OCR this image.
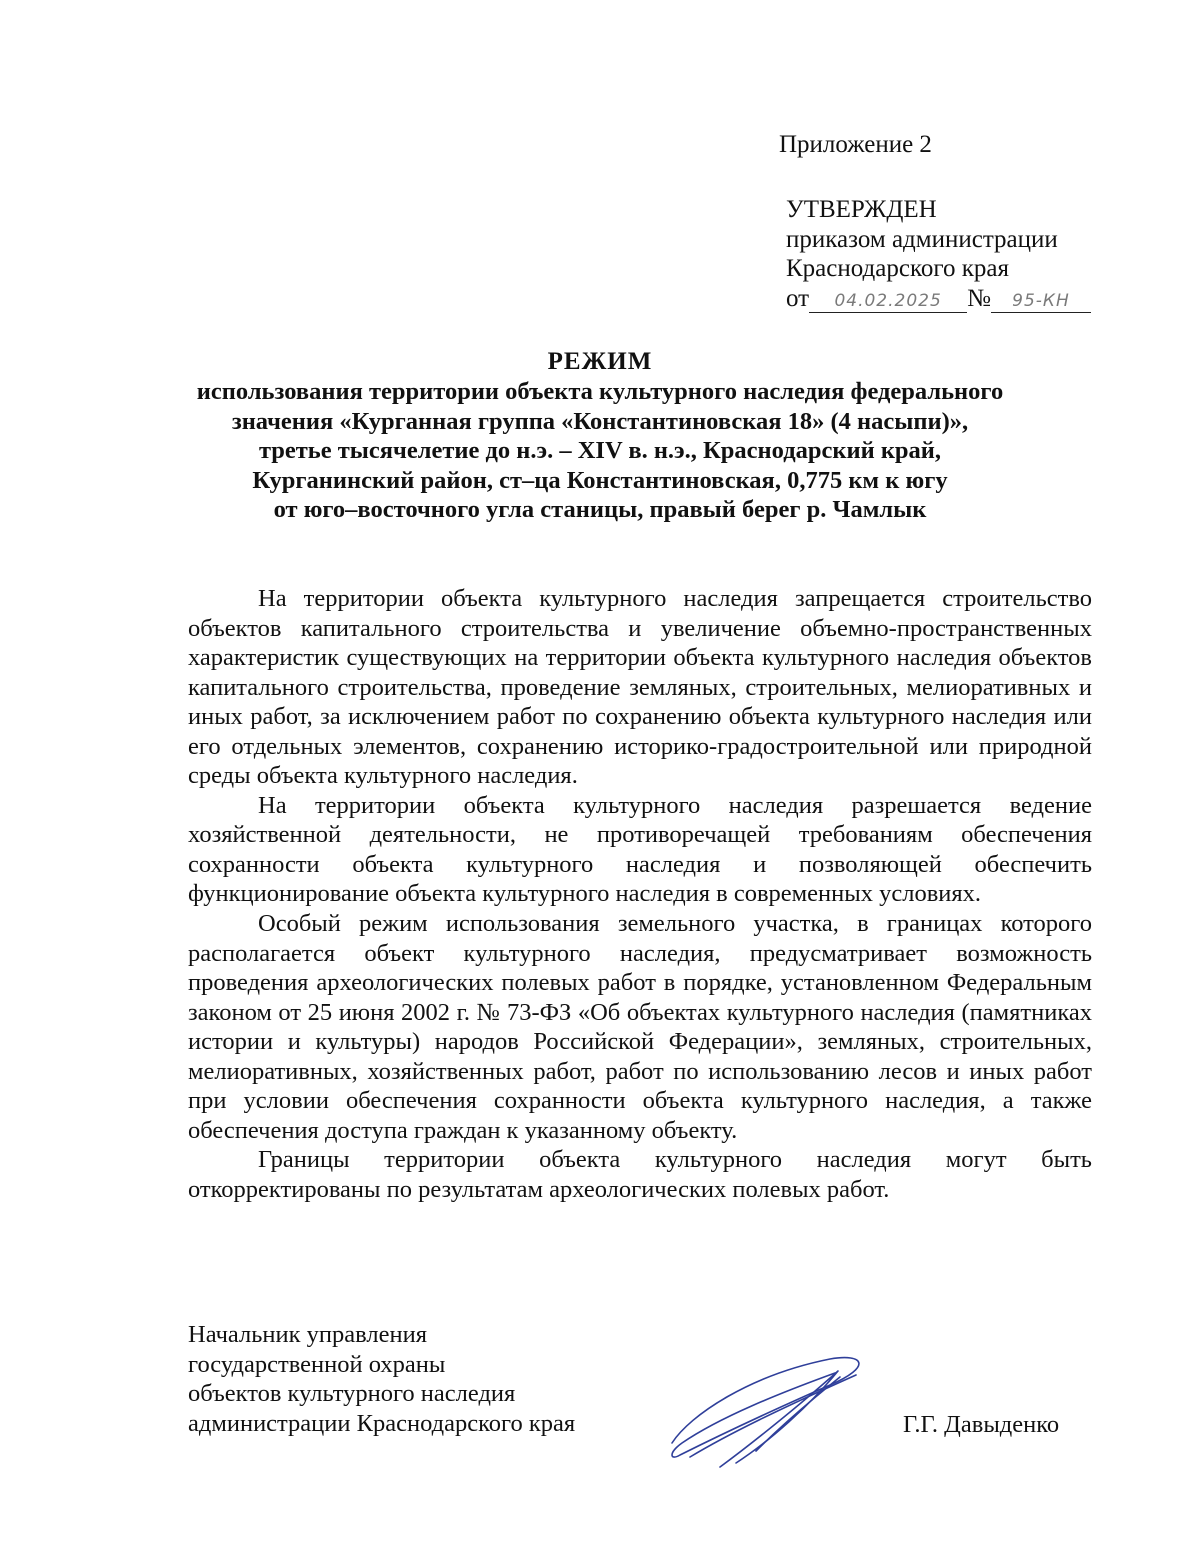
Приложение 2
УТВЕРЖДЕН
приказом администрации
Краснодарского края
от 04.02.2025 № 95-КН
РЕЖИМ
использования территории объекта культурного наследия федерального
значения «Курганная группа «Константиновская 18» (4 насыпи)»,
третье тысячелетие до н.э. – XIV в. н.э., Краснодарский край,
Курганинский район, ст–ца Константиновская, 0,775 км к югу
от юго–восточного угла станицы, правый берег р. Чамлык

На территории объекта культурного наследия запрещается строительство объектов капитального строительства и увеличение объемно-пространственных характеристик существующих на территории объекта культурного наследия объектов капитального строительства, проведение земляных, строительных, мелиоративных и иных работ, за исключением работ по сохранению объекта культурного наследия или его отдельных элементов, сохранению историко-градостроительной или природной среды объекта культурного наследия.

На территории объекта культурного наследия разрешается ведение хозяйственной деятельности, не противоречащей требованиям обеспечения сохранности объекта культурного наследия и позволяющей обеспечить функционирование объекта культурного наследия в современных условиях.

Особый режим использования земельного участка, в границах которого располагается объект культурного наследия, предусматривает возможность проведения археологических полевых работ в порядке, установленном Федеральным законом от 25 июня 2002 г. № 73-ФЗ «Об объектах культурного наследия (памятниках истории и культуры) народов Российской Федерации», земляных, строительных, мелиоративных, хозяйственных работ, работ по использованию лесов и иных работ при условии обеспечения сохранности объекта культурного наследия, а также обеспечения доступа граждан к указанному объекту.

Границы территории объекта культурного наследия могут быть откорректированы по результатам археологических полевых работ.

Начальник управления
государственной охраны
объектов культурного наследия
администрации Краснодарского края	Г.Г. Давыденко
